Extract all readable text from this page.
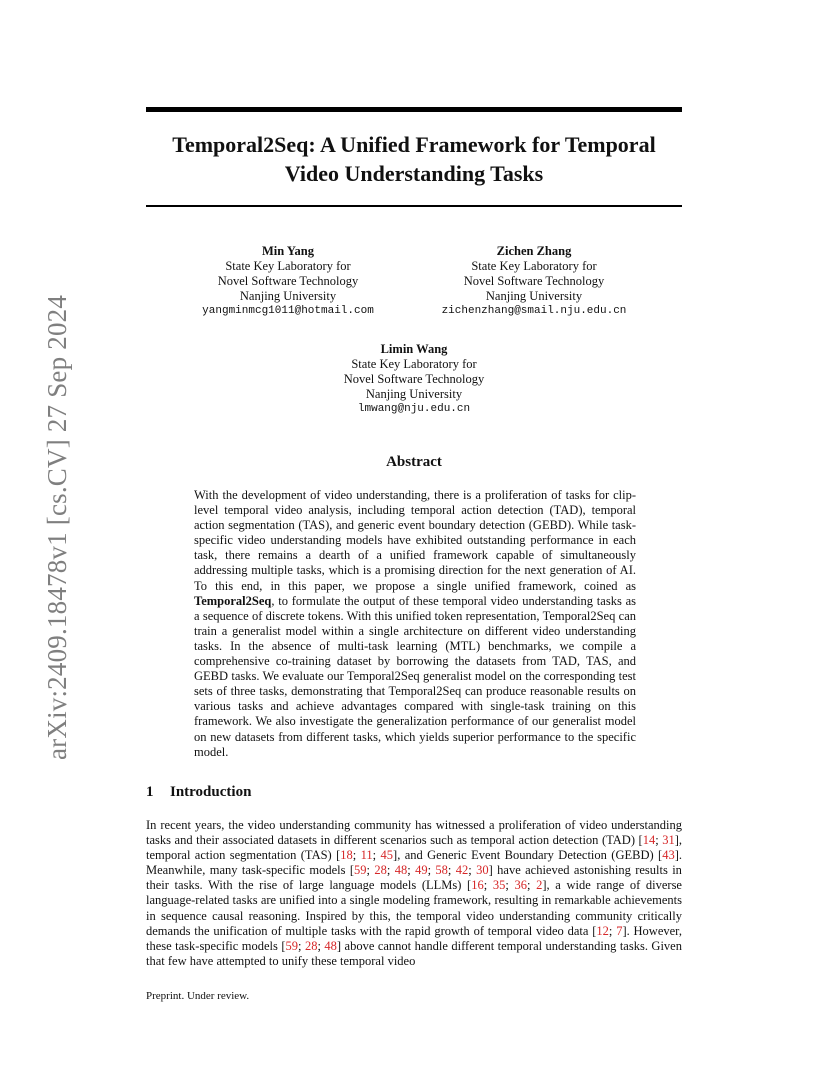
arXiv:2409.18478v1 [cs.CV] 27 Sep 2024
Temporal2Seq: A Unified Framework for Temporal
Video Understanding Tasks
Min Yang
State Key Laboratory for
Novel Software Technology
Nanjing University
yangminmcg1011@hotmail.com
Zichen Zhang
State Key Laboratory for
Novel Software Technology
Nanjing University
zichenzhang@smail.nju.edu.cn
Limin Wang
State Key Laboratory for
Novel Software Technology
Nanjing University
lmwang@nju.edu.cn
Abstract
With the development of video understanding, there is a proliferation of tasks for clip-level temporal video analysis, including temporal action detection (TAD), temporal action segmentation (TAS), and generic event boundary detection (GEBD). While task-specific video understanding models have exhibited outstanding performance in each task, there remains a dearth of a unified framework capable of simultaneously addressing multiple tasks, which is a promising direction for the next generation of AI. To this end, in this paper, we propose a single unified framework, coined as Temporal2Seq, to formulate the output of these temporal video understanding tasks as a sequence of discrete tokens. With this unified token representation, Temporal2Seq can train a generalist model within a single architecture on different video understanding tasks. In the absence of multi-task learning (MTL) benchmarks, we compile a comprehensive co-training dataset by borrowing the datasets from TAD, TAS, and GEBD tasks. We evaluate our Temporal2Seq generalist model on the corresponding test sets of three tasks, demonstrating that Temporal2Seq can produce reasonable results on various tasks and achieve advantages compared with single-task training on this framework. We also investigate the generalization performance of our generalist model on new datasets from different tasks, which yields superior performance to the specific model.
1 Introduction
In recent years, the video understanding community has witnessed a proliferation of video understanding tasks and their associated datasets in different scenarios such as temporal action detection (TAD) [14; 31], temporal action segmentation (TAS) [18; 11; 45], and Generic Event Boundary Detection (GEBD) [43]. Meanwhile, many task-specific models [59; 28; 48; 49; 58; 42; 30] have achieved astonishing results in their tasks. With the rise of large language models (LLMs) [16; 35; 36; 2], a wide range of diverse language-related tasks are unified into a single modeling framework, resulting in remarkable achievements in sequence causal reasoning. Inspired by this, the temporal video understanding community critically demands the unification of multiple tasks with the rapid growth of temporal video data [12; 7]. However, these task-specific models [59; 28; 48] above cannot handle different temporal understanding tasks. Given that few have attempted to unify these temporal video
Preprint. Under review.
